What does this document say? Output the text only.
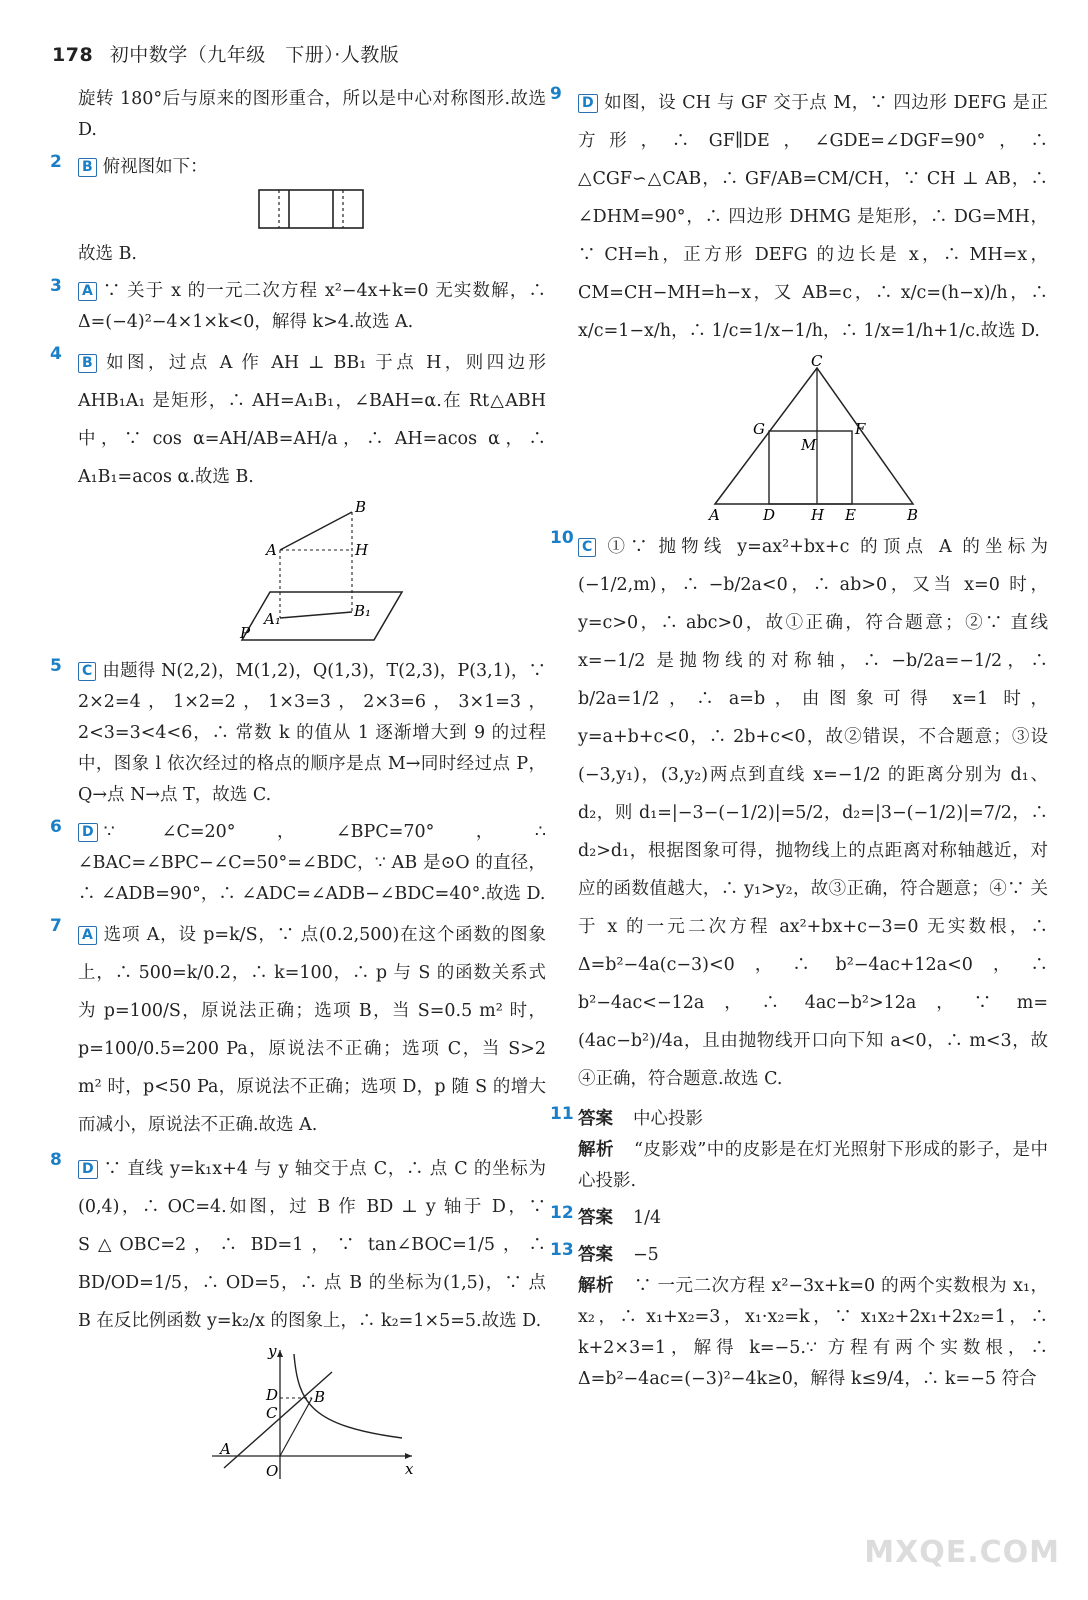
178 初中数学（九年级　下册）·人教版
旋转 180°后与原来的图形重合，所以是中心对称图形.故选 D.
2 B 俯视图如下：
故选 B.
3 A ∵ 关于 x 的一元二次方程 x²−4x+k=0 无实数解，∴ Δ=(−4)²−4×1×k<0，解得 k>4.故选 A.
4 B 如图，过点 A 作 AH ⊥ BB₁ 于点 H，则四边形 AHB₁A₁ 是矩形，∴ AH=A₁B₁，∠BAH=α.在 Rt△ABH 中，∵ cos α=AH/AB=AH/a，∴ AH=acos α，∴ A₁B₁=acos α.故选 B.
B
A	H
A₁	B₁
P
5 C 由题得 N(2,2)，M(1,2)，Q(1,3)，T(2,3)，P(3,1)，∵ 2×2=4，1×2=2，1×3=3，2×3=6，3×1=3，2<3=3<4<6，∴ 常数 k 的值从 1 逐渐增大到 9 的过程中，图象 l 依次经过的格点的顺序是点 M→同时经过点 P，Q→点 N→点 T，故选 C.
6 D ∵ ∠C=20°，∠BPC=70°，∴ ∠BAC=∠BPC−∠C=50°=∠BDC，∵ AB 是⊙O 的直径，∴ ∠ADB=90°，∴ ∠ADC=∠ADB−∠BDC=40°.故选 D.
7 A 选项 A，设 p=k/S，∵ 点(0.2,500)在这个函数的图象上，∴ 500=k/0.2，∴ k=100，∴ p 与 S 的函数关系式为 p=100/S，原说法正确；选项 B，当 S=0.5 m² 时，p=100/0.5=200 Pa，原说法不正确；选项 C，当 S>2 m² 时，p<50 Pa，原说法不正确；选项 D，p 随 S 的增大而减小，原说法不正确.故选 A.
8 D ∵ 直线 y=k₁x+4 与 y 轴交于点 C，∴ 点 C 的坐标为(0,4)，∴ OC=4.如图，过 B 作 BD ⊥ y 轴于 D，∵ S△OBC=2，∴ BD=1，∵ tan∠BOC=1/5，∴ BD/OD=1/5，∴ OD=5，∴ 点 B 的坐标为(1,5)，∵ 点 B 在反比例函数 y=k₂/x 的图象上，∴ k₂=1×5=5.故选 D.
y
x
O
A
B
C
D
9 D 如图，设 CH 与 GF 交于点 M，∵ 四边形 DEFG 是正方形，∴ GF∥DE，∠GDE=∠DGF=90°，∴ △CGF∽△CAB，∴ GF/AB=CM/CH，∵ CH ⊥ AB，∴ ∠DHM=90°，∴ 四边形 DHMG 是矩形，∴ DG=MH，∵ CH=h，正方形 DEFG 的边长是 x，∴ MH=x，CM=CH−MH=h−x，又 AB=c，∴ x/c=(h−x)/h，∴ x/c=1−x/h，∴ 1/c=1/x−1/h，∴ 1/x=1/h+1/c.故选 D.
C
G	F
M
A	D H E	B
10 C ①∵ 抛物线 y=ax²+bx+c 的顶点 A 的坐标为(−1/2,m)，∴ −b/2a<0，∴ ab>0，又当 x=0 时，y=c>0，∴ abc>0，故①正确，符合题意；②∵ 直线 x=−1/2 是抛物线的对称轴，∴ −b/2a=−1/2，∴ b/2a=1/2，∴ a=b，由图象可得 x=1 时，y=a+b+c<0，∴ 2b+c<0，故②错误，不合题意；③设(−3,y₁)，(3,y₂)两点到直线 x=−1/2 的距离分别为 d₁、d₂，则 d₁=|−3−(−1/2)|=5/2，d₂=|3−(−1/2)|=7/2，∴ d₂>d₁，根据图象可得，抛物线上的点距离对称轴越近，对应的函数值越大，∴ y₁>y₂，故③正确，符合题意；④∵ 关于 x 的一元二次方程 ax²+bx+c−3=0 无实数根，∴ Δ=b²−4a(c−3)<0，∴ b²−4ac+12a<0，∴ b²−4ac<−12a，∴ 4ac−b²>12a，∵ m=(4ac−b²)/4a，且由抛物线开口向下知 a<0，∴ m<3，故④正确，符合题意.故选 C.
11 答案 中心投影
解析 “皮影戏”中的皮影是在灯光照射下形成的影子，是中心投影.
12 答案 1/4
13 答案 −5
解析 ∵ 一元二次方程 x²−3x+k=0 的两个实数根为 x₁，x₂，∴ x₁+x₂=3，x₁·x₂=k，∵ x₁x₂+2x₁+2x₂=1，∴ k+2×3=1，解得 k=−5.∵ 方程有两个实数根，∴ Δ=b²−4ac=(−3)²−4k≥0，解得 k≤9/4，∴ k=−5 符合
MXQE.COM
